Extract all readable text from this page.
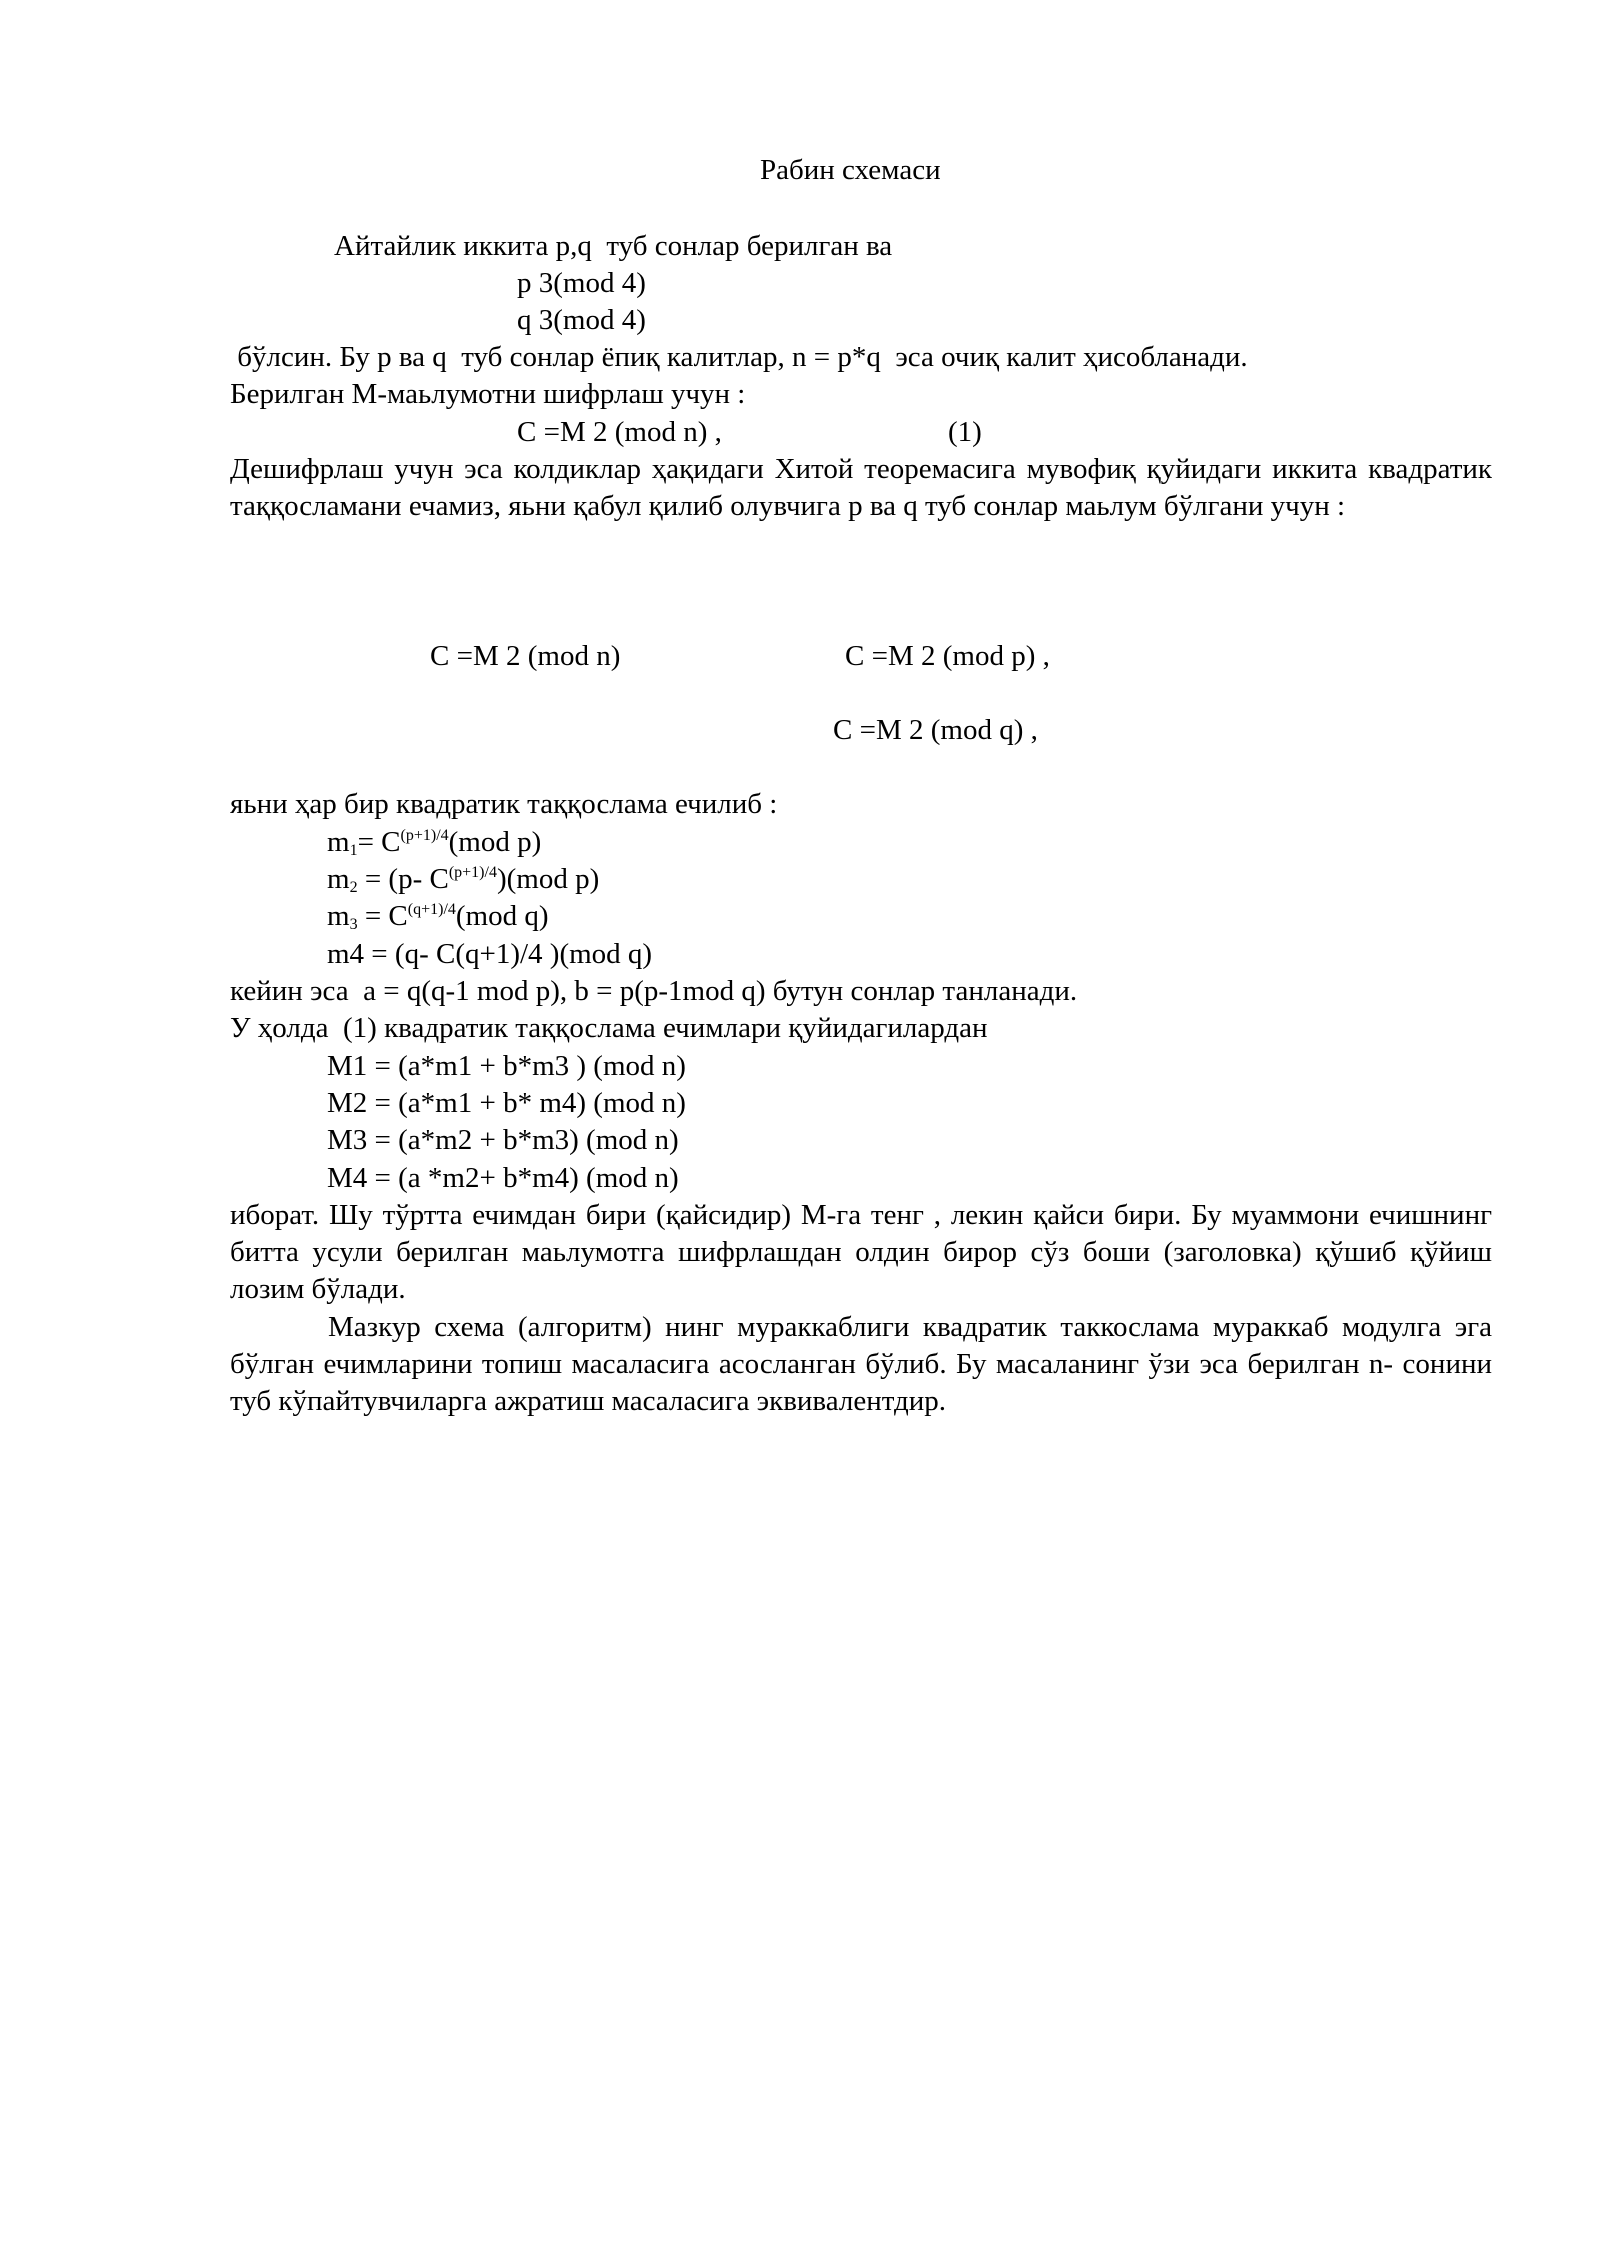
Рабин схемаси
Айтайлик иккита p,q  туб сонлар берилган ва
p 3(mod 4)
q 3(mod 4)
бўлсин. Бу p ва q  туб сонлар ёпиқ калитлар, n = p*q  эса очиқ калит ҳисобланади.
Берилган M-маьлумотни шифрлаш учун :
C =M 2 (mod n) ,	(1)
Дешифрлаш учун эса колдиклар ҳақидаги Хитой теоремасига мувофиқ қуйидаги иккита квадратик таққосламани ечамиз, яьни қабул қилиб олувчига p ва q туб сонлар маьлум бўлгани учун :
C =M 2 (mod n)	C =M 2 (mod p) ,
C =M 2 (mod q) ,
яьни ҳар бир квадратик таққослама ечилиб :
$m_1= C^{(p+1)/4}(mod$ p)
$m_2 = (p-$ $C^{(p+1)/4})(mod$ p)
$m_3 = C^{(q+1)/4}(mod$ q)
m4 = (q- C(q+1)/4 )(mod q)
кейин эса  a = q(q-1 mod p), b = p(p-1mod q) бутун сонлар танланади.
У ҳолда  (1) квадратик таққослама ечимлари қуйидагилардан
M1 = (a*m1 + b*m3 ) (mod n)
M2 = (a*m1 + b* m4) (mod n)
M3 = (a*m2 + b*m3) (mod n)
M4 = (a *m2+ b*m4) (mod n)
иборат. Шу тўртта ечимдан бири (қайсидир) M-га тенг , лекин қайси бири. Бу муаммони ечишнинг битта усули берилган маьлумотга шифрлашдан олдин бирор сўз боши (заголовка) қўшиб қўйиш лозим бўлади.
Мазкур схема (алгоритм) нинг мураккаблиги квадратик таккослама мураккаб модулга эга бўлган ечимларини топиш масаласига асосланган бўлиб. Бу масаланинг ўзи эса берилган n- сонини туб кўпайтувчиларга ажратиш масаласига эквивалентдир.
